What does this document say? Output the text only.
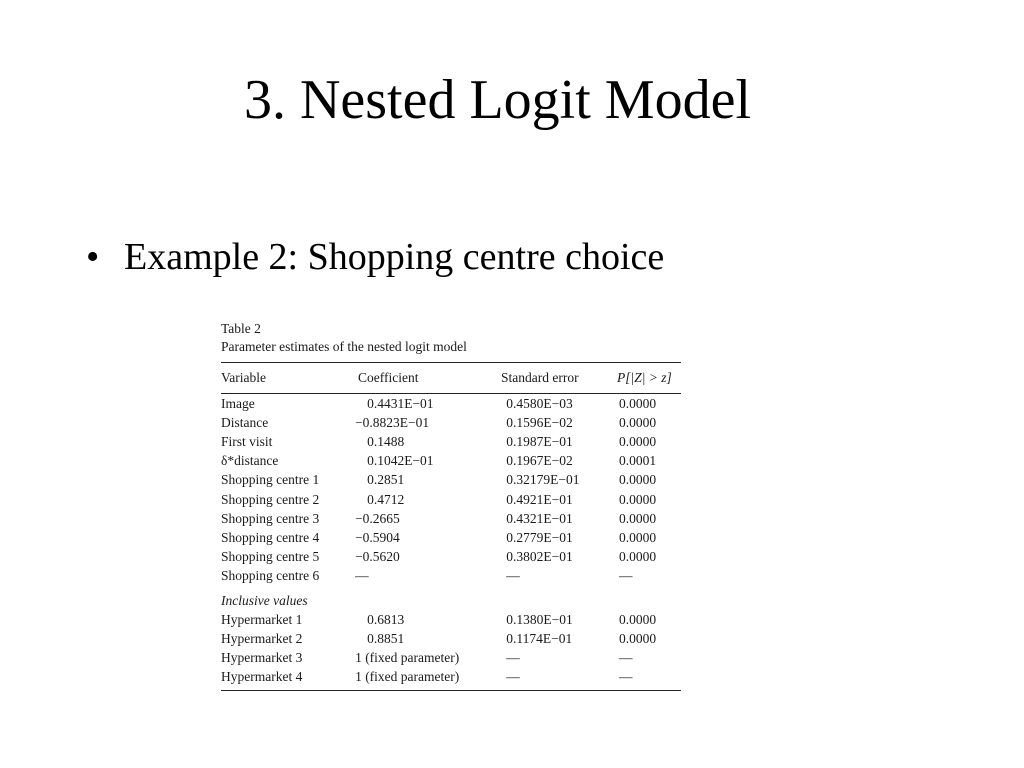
3. Nested Logit Model
• Example 2: Shopping centre choice
Table 2
Parameter estimates of the nested logit model
Variable	Coefficient	Standard error	P[|Z| > z]
Image	0.4431E−01	0.4580E−03	0.0000
Distance	−0.8823E−01	0.1596E−02	0.0000
First visit	0.1488	0.1987E−01	0.0000
δ*distance	0.1042E−01	0.1967E−02	0.0001
Shopping centre 1	0.2851	0.32179E−01	0.0000
Shopping centre 2	0.4712	0.4921E−01	0.0000
Shopping centre 3	−0.2665	0.4321E−01	0.0000
Shopping centre 4	−0.5904	0.2779E−01	0.0000
Shopping centre 5	−0.5620	0.3802E−01	0.0000
Shopping centre 6	—	—	—

Inclusive values			
Hypermarket 1	0.6813	0.1380E−01	0.0000
Hypermarket 2	0.8851	0.1174E−01	0.0000
Hypermarket 3	1 (fixed parameter)	—	—
Hypermarket 4	1 (fixed parameter)	—	—
